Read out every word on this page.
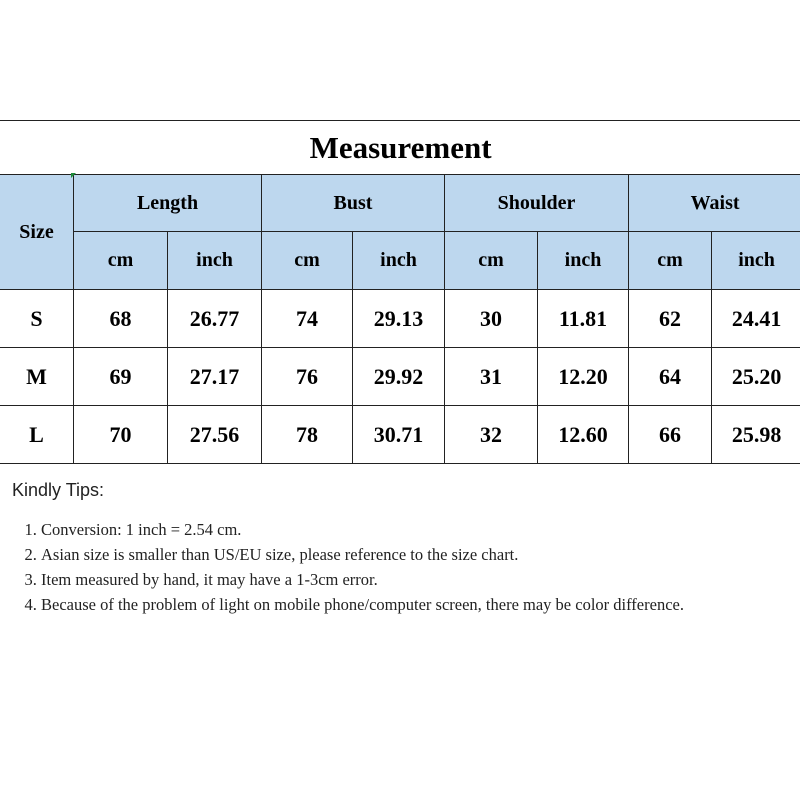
Measurement								
Size	Length		Bust		Shoulder		Waist	
	cm	inch	cm	inch	cm	inch	cm	inch
S	68	26.77	74	29.13	30	11.81	62	24.41
M	69	27.17	76	29.92	31	12.20	64	25.20
L	70	27.56	78	30.71	32	12.60	66	25.98
Kindly Tips:
1. Conversion: 1 inch = 2.54 cm.
2. Asian size is smaller than US/EU size, please reference to the size chart.
3. Item measured by hand, it may have a 1-3cm error.
4. Because of the problem of light on mobile phone/computer screen, there may be color difference.
